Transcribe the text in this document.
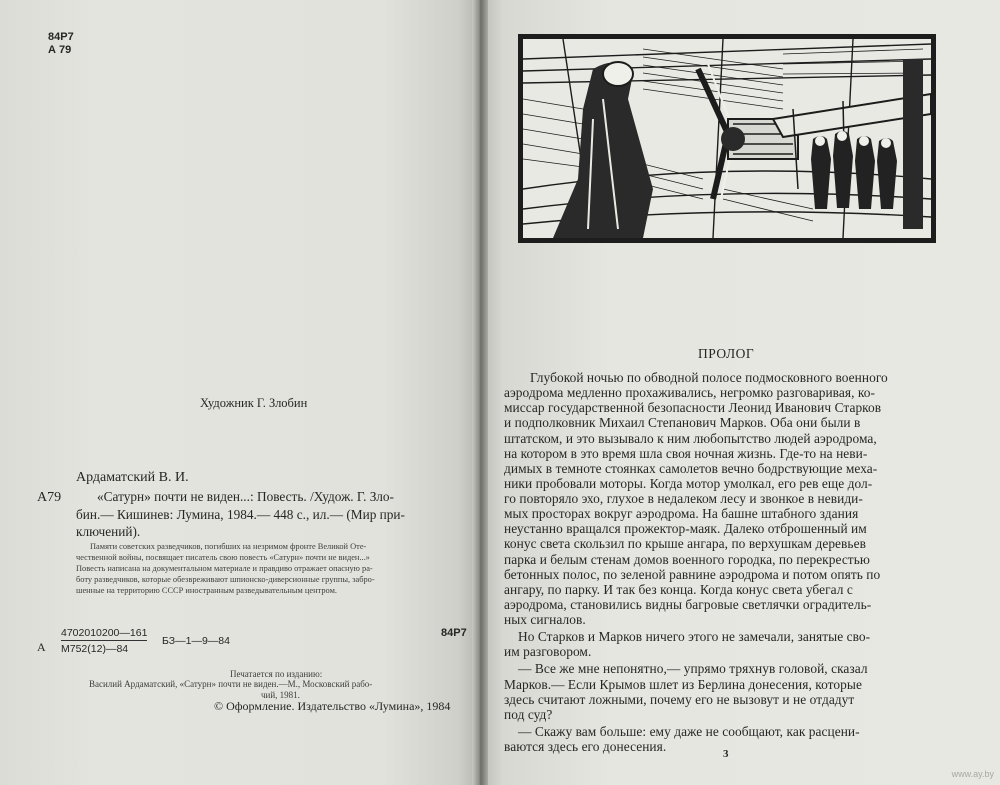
84Р7
А 79
Художник Г. Злобин
А79
Ардаматский В. И.
«Сатурн» почти не виден...: Повесть. /Худож. Г. Зло-
бин.— Кишинев: Лумина, 1984.— 448 с., ил.— (Мир при-
ключений).
Памяти советских разведчиков, погибших на незримом фронте Великой Оте-
чественной войны, посвящает писатель свою повесть «Сатурн» почти не виден...»
Повесть написана на документальном материале и правдиво отражает опасную ра-
боту разведчиков, которые обезвреживают шпионско-диверсионные группы, забро-
шенные на территорию СССР иностранным разведывательным центром.
А
4702010200—161
М752(12)—84
БЗ—1—9—84
84Р7
Печатается по изданию:
Василий Ардаматский, «Сатурн» почти не виден.—М., Московский рабо-
чий, 1981.
© Оформление. Издательство «Лумина», 1984
ПРОЛОГ
Глубокой ночью по обводной полосе подмосковного военного
аэродрома медленно прохаживались, негромко разговаривая, ко-
миссар государственной безопасности Леонид Иванович Старков
и подполковник Михаил Степанович Марков. Оба они были в
штатском, и это вызывало к ним любопытство людей аэродрома,
на котором в это время шла своя ночная жизнь. Где-то на неви-
димых в темноте стоянках самолетов вечно бодрствующие меха-
ники пробовали моторы. Когда мотор умолкал, его рев еще дол-
го повторяло эхо, глухое в недалеком лесу и звонкое в невиди-
мых просторах вокруг аэродрома. На башне штабного здания
неустанно вращался прожектор-маяк. Далеко отброшенный им
конус света скользил по крыше ангара, по верхушкам деревьев
парка и белым стенам домов военного городка, по перекрестью
бетонных полос, по зеленой равнине аэродрома и потом опять по
ангару, по парку. И так без конца. Когда конус света убегал с
аэродрома, становились видны багровые светлячки оградитель-
ных сигналов.
Но Старков и Марков ничего этого не замечали, занятые сво-
им разговором.
— Все же мне непонятно,— упрямо тряхнув головой, сказал
Марков.— Если Крымов шлет из Берлина донесения, которые
здесь считают ложными, почему его не вызовут и не отдадут
под суд?
— Скажу вам больше: ему даже не сообщают, как расцени-
ваются здесь его донесения.	3
www.ay.by
